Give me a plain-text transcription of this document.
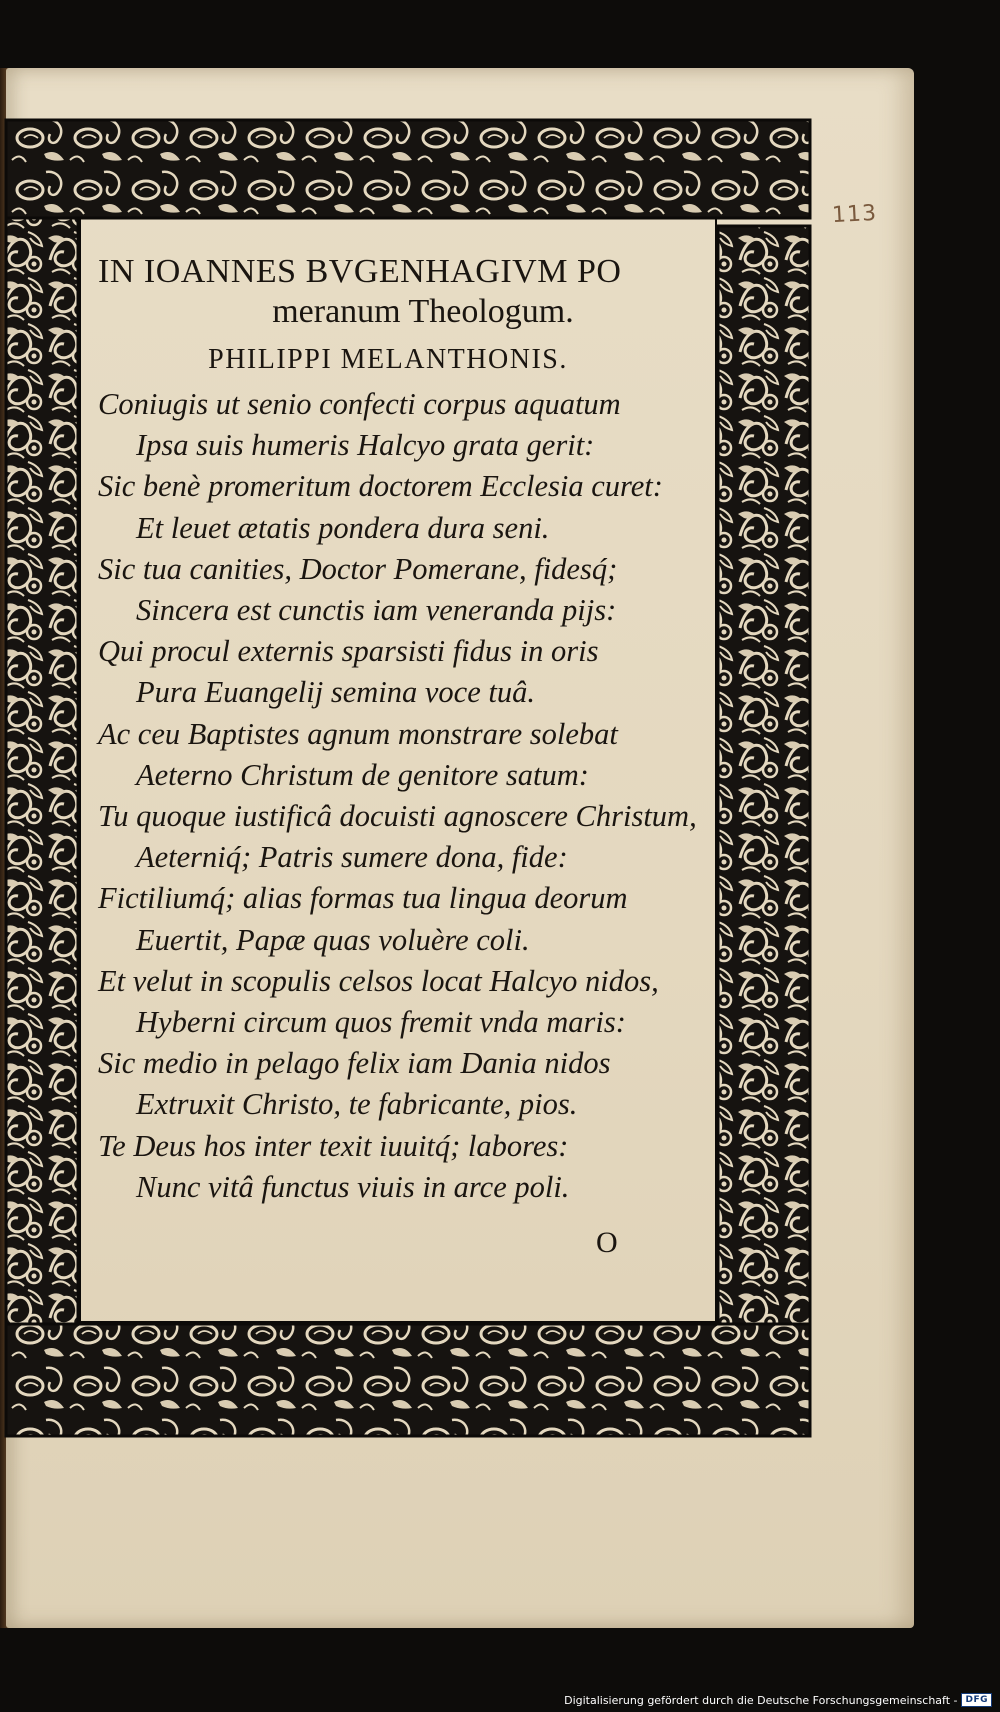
113

IN IOANNES BVGENHAGIVM PO

meranum Theologum.

PHILIPPI MELANTHONIS.

Coniugis ut senio confecti corpus aquatum

Ipsa suis humeris Halcyo grata gerit:

Sic benè promeritum doctorem Ecclesia curet:

Et leuet ætatis pondera dura seni.

Sic tua canities, Doctor Pomerane, fidesq́;

Sincera est cunctis iam veneranda pijs:

Qui procul externis sparsisti fidus in oris

Pura Euangelij semina voce tuâ.

Ac ceu Baptistes agnum monstrare solebat

Aeterno Christum de genitore satum:

Tu quoque iustificâ docuisti agnoscere Christum,

Aeterniq́; Patris sumere dona, fide:

Fictiliumq́; alias formas tua lingua deorum

Euertit, Papæ quas voluère coli.

Et velut in scopulis celsos locat Halcyo nidos,

Hyberni circum quos fremit vnda maris:

Sic medio in pelago felix iam Dania nidos

Extruxit Christo, te fabricante, pios.

Te Deus hos inter texit iuuitq́; labores:

Nunc vitâ functus viuis in arce poli.

O
Digitalisierung gefördert durch die Deutsche Forschungsgemeinschaft - DFG
